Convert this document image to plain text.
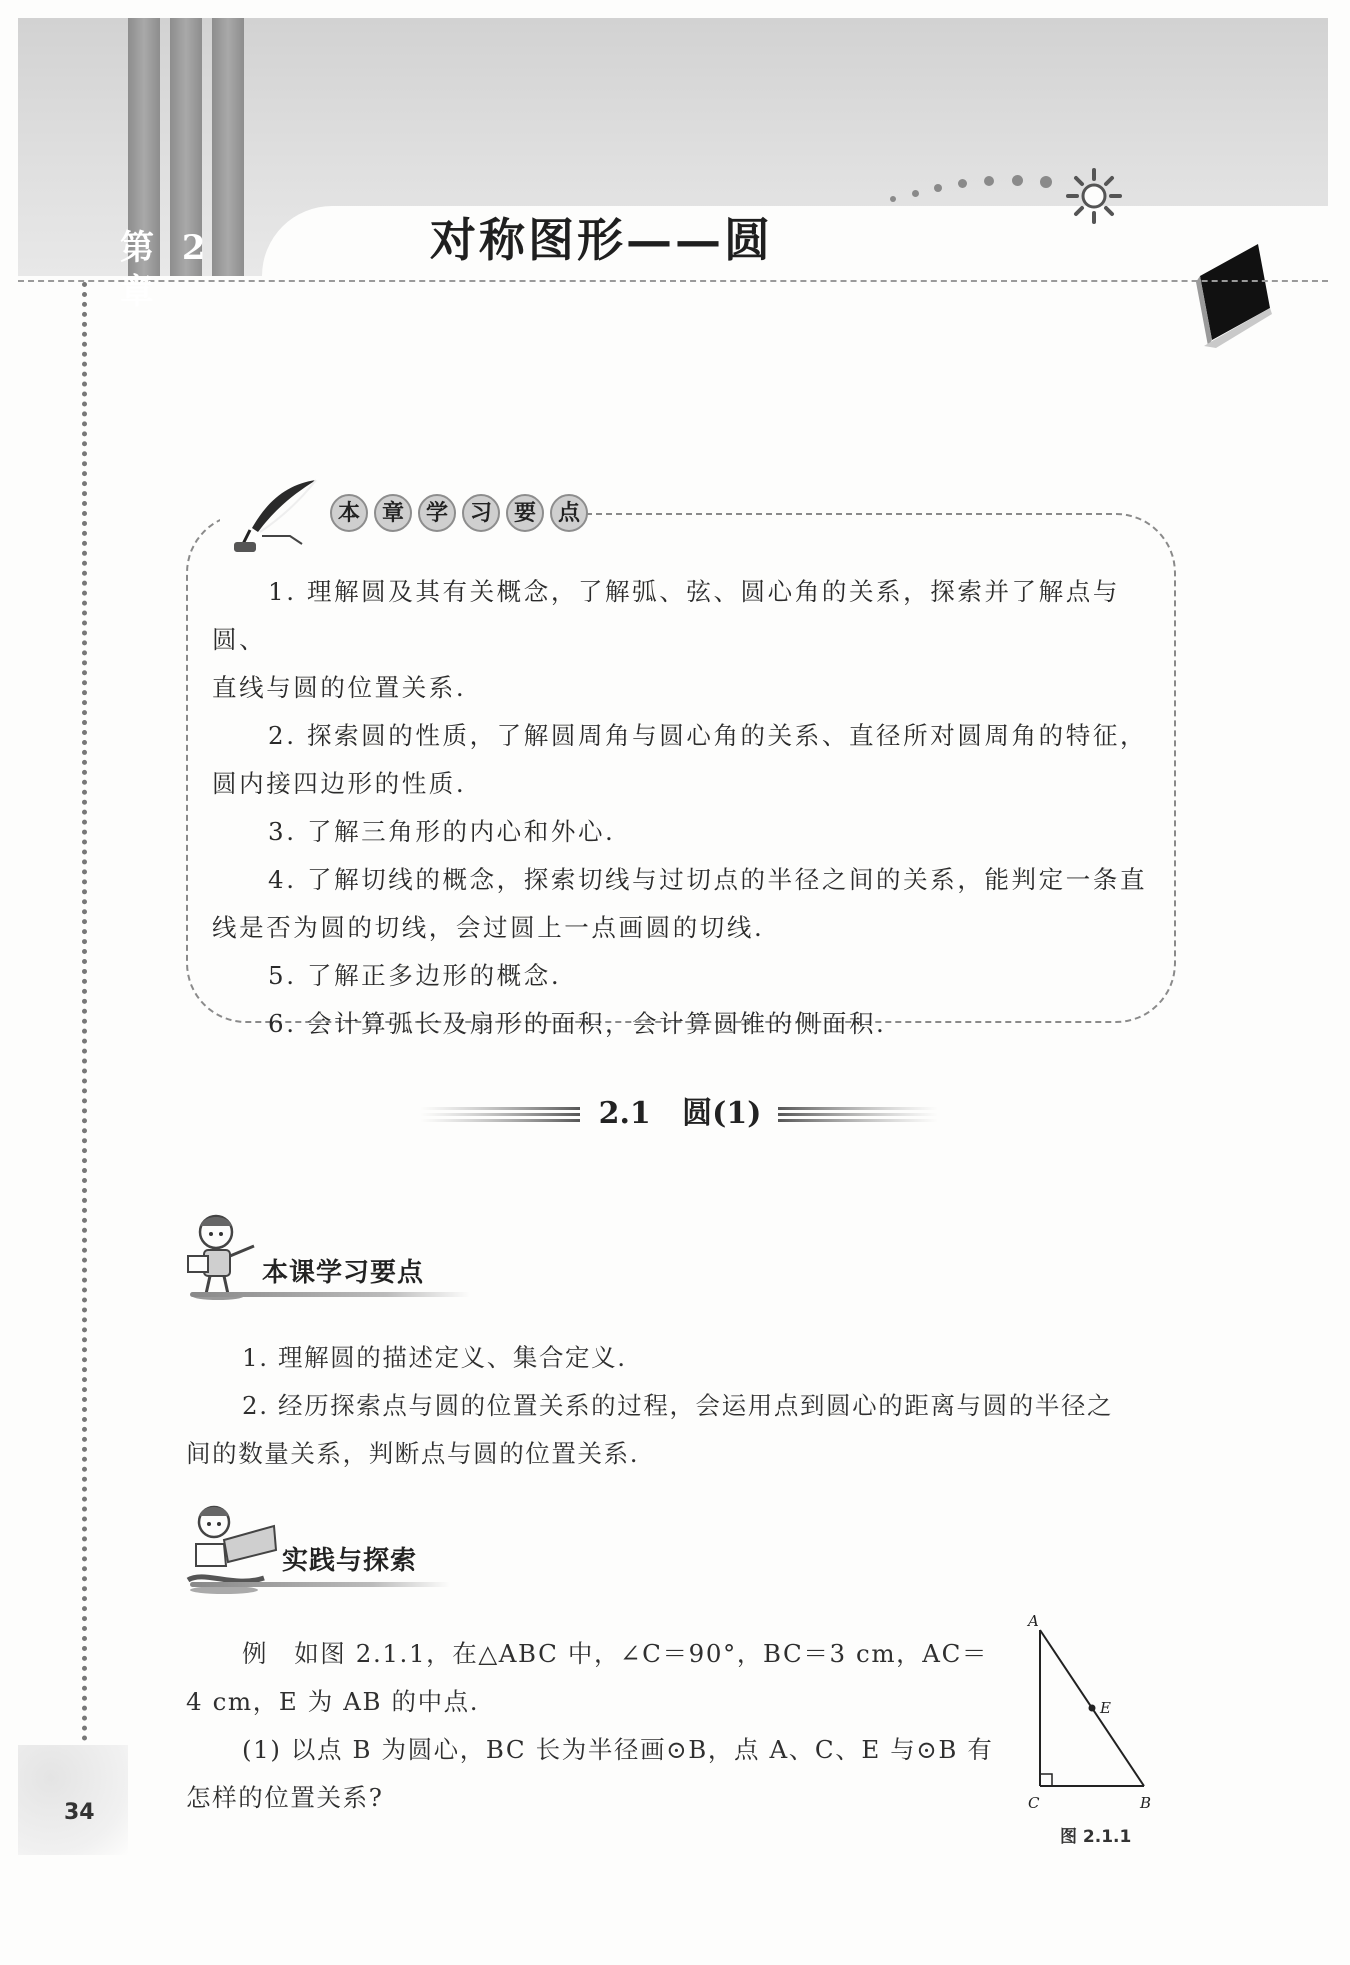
第 2 章
对称图形——圆
本 章 学 习 要 点

1. 理解圆及其有关概念，了解弧、弦、圆心角的关系，探索并了解点与圆、

直线与圆的位置关系.

2. 探索圆的性质，了解圆周角与圆心角的关系、直径所对圆周角的特征，

圆内接四边形的性质.

3. 了解三角形的内心和外心.

4. 了解切线的概念，探索切线与过切点的半径之间的关系，能判定一条直

线是否为圆的切线，会过圆上一点画圆的切线.

5. 了解正多边形的概念.

6. 会计算弧长及扇形的面积，会计算圆锥的侧面积.

2.1 圆(1)
本课学习要点

1. 理解圆的描述定义、集合定义.

2. 经历探索点与圆的位置关系的过程，会运用点到圆心的距离与圆的半径之

间的数量关系，判断点与圆的位置关系.

实践与探索

例　如图 2.1.1，在△ABC 中，∠C＝90°，BC＝3 cm，AC＝

4 cm，E 为 AB 的中点.

(1) 以点 B 为圆心，BC 长为半径画⊙B，点 A、C、E 与⊙B 有

怎样的位置关系?

A
E
C	B
图 2.1.1
34
